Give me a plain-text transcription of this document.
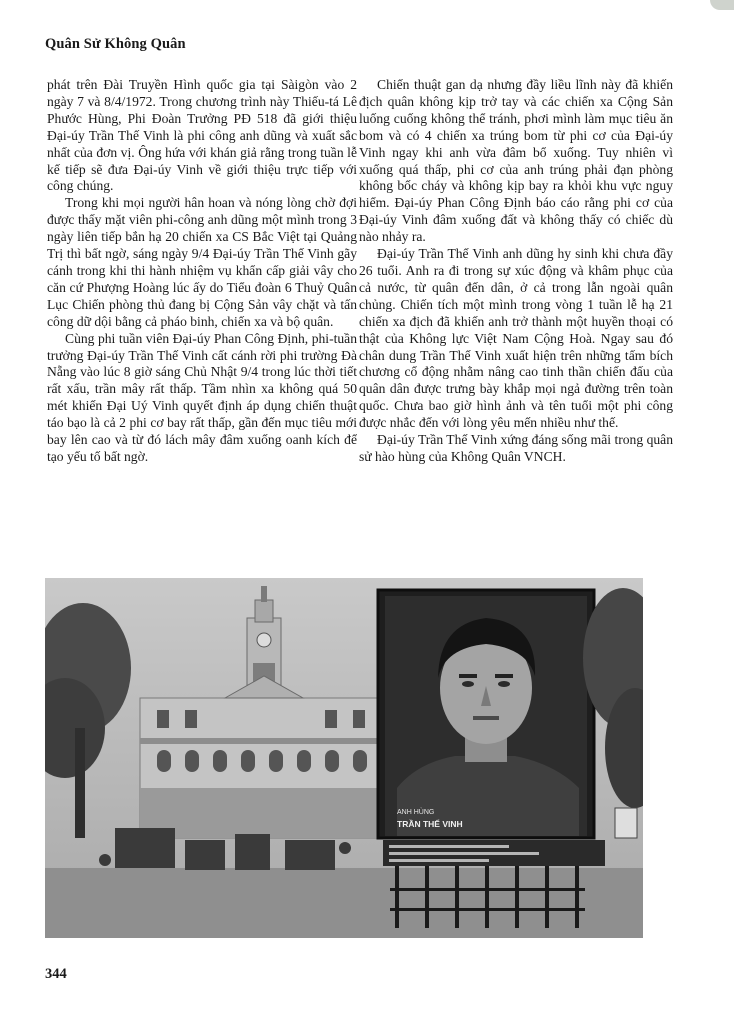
Quân Sử Không Quân

phát trên Đài Truyền Hình quốc gia tại Sàigòn vào 2 ngày 7 và 8/4/1972. Trong chương trình này Thiếu-tá Lê Phước Hùng, Phi Đoàn Trưởng PĐ 518 đã giới thiệu Đại-úy Trần Thế Vinh là phi công anh dũng và xuất sắc nhất của đơn vị. Ông hứa với khán giả rằng trong tuần lễ kế tiếp sẽ đưa Đại-úy Vinh về giới thiệu trực tiếp với công chúng.

Trong khi mọi người hân hoan và nóng lòng chờ đợi được thấy mặt viên phi-công anh dũng một mình trong 3 ngày liên tiếp bắn hạ 20 chiến xa CS Bắc Việt tại Quảng Trị thì bất ngờ, sáng ngày 9/4 Đại-úy Trần Thế Vinh gãy cánh trong khi thi hành nhiệm vụ khẩn cấp giải vây cho căn cứ Phượng Hoàng lúc ấy do Tiểu đoàn 6 Thuỷ Quân Lục Chiến phòng thủ đang bị Cộng Sản vây chặt và tấn công dữ dội bằng cả pháo binh, chiến xa và bộ quân.

Cùng phi tuần viên Đại-úy Phan Công Định, phi-tuần trưởng Đại-úy Trần Thế Vinh cất cánh rời phi trường Đà Nẵng vào lúc 8 giờ sáng Chủ Nhật 9/4 trong lúc thời tiết rất xấu, trần mây rất thấp. Tầm nhìn xa không quá 50 mét khiến Đại Uý Vinh quyết định áp dụng chiến thuật táo bạo là cả 2 phi cơ bay rất thấp, gần đến mục tiêu mới bay lên cao và từ đó lách mây đâm xuống oanh kích để tạo yếu tố bất ngờ.

Chiến thuật gan dạ nhưng đầy liều lĩnh này đã khiến địch quân không kịp trở tay và các chiến xa Cộng Sản luống cuống không thể tránh, phơi mình làm mục tiêu ăn bom và có 4 chiến xa trúng bom từ phi cơ của Đại-úy Vinh ngay khi anh vừa đâm bổ xuống. Tuy nhiên vì xuống quá thấp, phi cơ của anh trúng phải đạn phòng không bốc cháy và không kịp bay ra khỏi khu vực nguy hiểm. Đại-úy Phan Công Định báo cáo rằng phi cơ của Đại-úy Vinh đâm xuống đất và không thấy có chiếc dù nào nhảy ra.

Đại-úy Trần Thế Vinh anh dũng hy sinh khi chưa đầy 26 tuổi. Anh ra đi trong sự xúc động và khâm phục của cả nước, từ quân đến dân, ở cả trong lẫn ngoài quân chủng. Chiến tích một mình trong vòng 1 tuần lễ hạ 21 chiến xa địch đã khiến anh trở thành một huyền thoại có thật của Không lực Việt Nam Cộng Hoà. Ngay sau đó chân dung Trần Thế Vinh xuất hiện trên những tấm bích chương cổ động nhằm nâng cao tinh thần chiến đấu của quân dân được trưng bày khắp mọi ngả đường trên toàn quốc. Chưa bao giờ hình ảnh và tên tuổi một phi công được nhắc đến với lòng yêu mến nhiều như thế.

Đại-úy Trần Thế Vinh xứng đáng sống mãi trong quân sử hào hùng của Không Quân VNCH.

ANH HÙNG
TRẦN THẾ VINH
344
